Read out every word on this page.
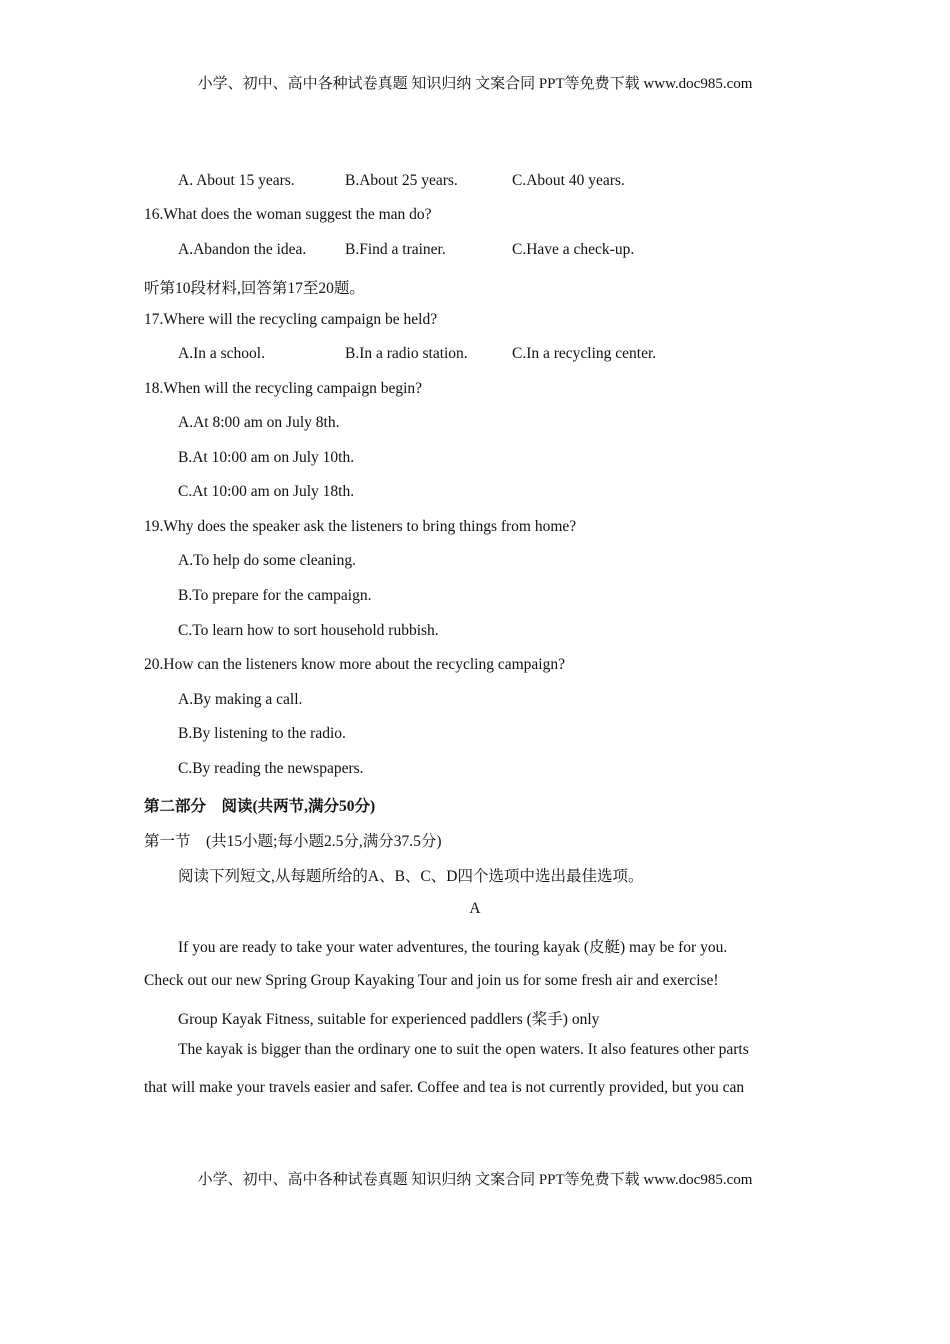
小学、初中、高中各种试卷真题 知识归纳 文案合同 PPT等免费下载 www.doc985.com
A. About 15 years.	B.About 25 years.	C.About 40 years.
16.What does the woman suggest the man do?
A.Abandon the idea. B.Find a trainer.	C.Have a check-up.
听第10段材料,回答第17至20题。
17.Where will the recycling campaign be held?
A.In a school.	B.In a radio station.	C.In a recycling center.
18.When will the recycling campaign begin?
A.At 8:00 am on July 8th.
B.At 10:00 am on July 10th.
C.At 10:00 am on July 18th.
19.Why does the speaker ask the listeners to bring things from home?
A.To help do some cleaning.
B.To prepare for the campaign.
C.To learn how to sort household rubbish.
20.How can the listeners know more about the recycling campaign?
A.By making a call.
B.By listening to the radio.
C.By reading the newspapers.
第二部分　阅读(共两节,满分50分)
第一节　(共15小题;每小题2.5分,满分37.5分)
阅读下列短文,从每题所给的A、B、C、D四个选项中选出最佳选项。
A
If you are ready to take your water adventures, the touring kayak (皮艇) may be for you.
Check out our new Spring Group Kayaking Tour and join us for some fresh air and exercise!
Group Kayak Fitness, suitable for experienced paddlers (桨手) only
The kayak is bigger than the ordinary one to suit the open waters. It also features other parts
that will make your travels easier and safer. Coffee and tea is not currently provided, but you can
小学、初中、高中各种试卷真题 知识归纳 文案合同 PPT等免费下载 www.doc985.com
